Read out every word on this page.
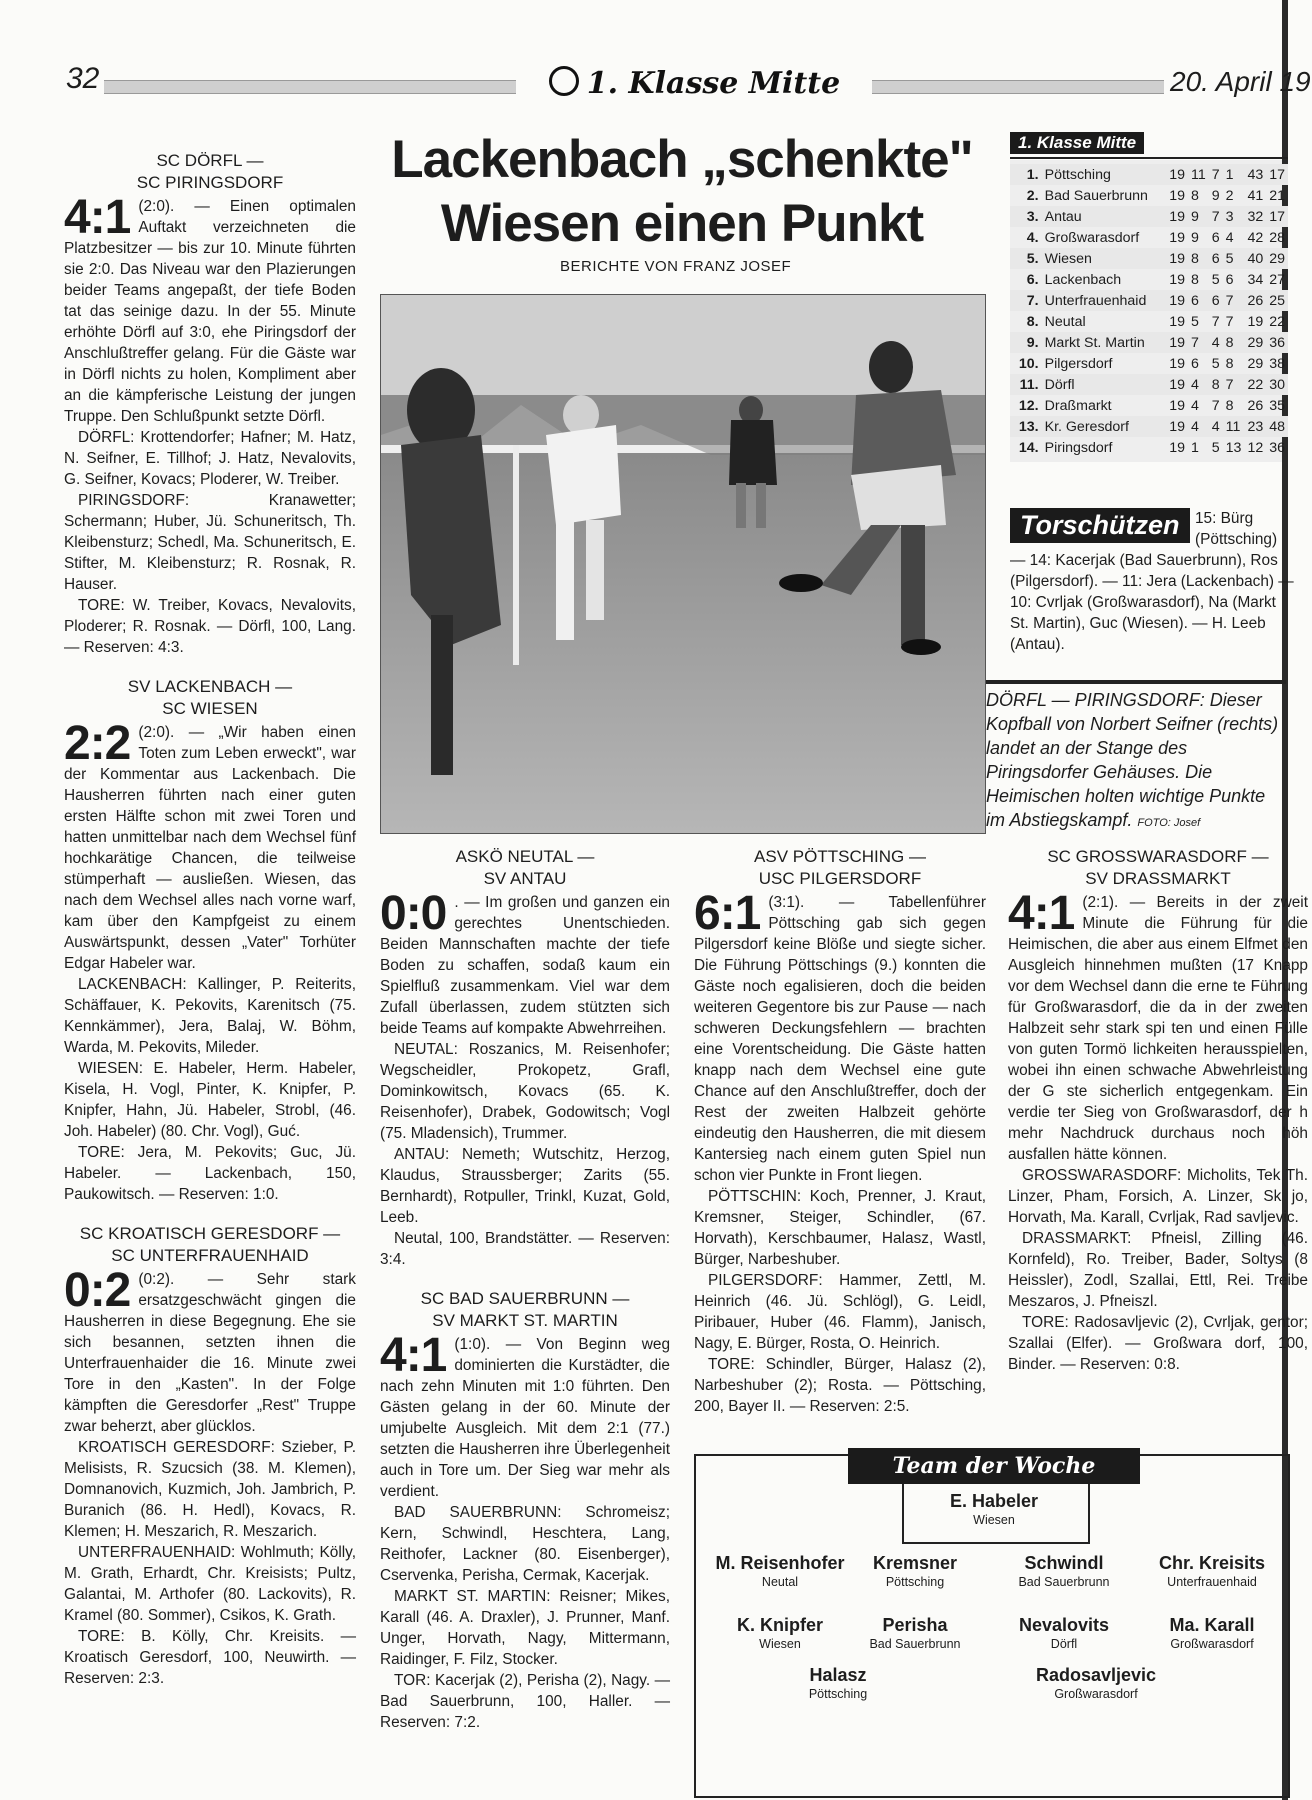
32	1. Klasse Mitte	20. April 19
Lackenbach „schenkte"
Wiesen einen Punkt
BERICHTE VON FRANZ JOSEF
DÖRFL — PIRINGSDORF: Dieser Kopfball von Norbert Seifner (rechts) landet an der Stange des Piringsdorfer Gehäuses. Die Heimischen holten wichtige Punkte im Abstiegskampf. FOTO: Josef
1. Klasse Mitte
1.	Pöttsching	19	11	7	1	43	17
2.	Bad Sauerbrunn	19	8	9	2	41	21
3.	Antau	19	9	7	3	32	17
4.	Großwarasdorf	19	9	6	4	42	28
5.	Wiesen	19	8	6	5	40	29
6.	Lackenbach	19	8	5	6	34	27
7.	Unterfrauenhaid	19	6	6	7	26	25
8.	Neutal	19	5	7	7	19	22
9.	Markt St. Martin	19	7	4	8	29	36
10.	Pilgersdorf	19	6	5	8	29	38
11.	Dörfl	19	4	8	7	22	30
12.	Draßmarkt	19	4	7	8	26	35
13.	Kr. Geresdorf	19	4	4	11	23	48
14.	Piringsdorf	19	1	5	13	12	36
15: Bürg (Pöttsching)
— 14: Kacerjak (Bad Sauerbrunn), Ros (Pilgersdorf). — 11: Jera (Lackenbach) — 10: Cvrljak (Großwarasdorf), Na (Markt St. Martin), Guc (Wiesen). — H. Leeb (Antau).
Torschützen
SC DÖRFL —
SC PIRINGSDORF

4:1 (2:0). — Einen optimalen Auftakt verzeichneten die Platzbesitzer — bis zur 10. Minute führten sie 2:0. Das Niveau war den Plazierungen beider Teams angepaßt, der tiefe Boden tat das seinige dazu. In der 55. Minute erhöhte Dörfl auf 3:0, ehe Piringsdorf der Anschlußtreffer gelang. Für die Gäste war in Dörfl nichts zu holen, Kompliment aber an die kämpferische Leistung der jungen Truppe. Den Schlußpunkt setzte Dörfl.

DÖRFL: Krottendorfer; Hafner; M. Hatz, N. Seifner, E. Tillhof; J. Hatz, Nevalovits, G. Seifner, Kovacs; Ploderer, W. Treiber.

PIRINGSDORF: Kranawetter; Schermann; Huber, Jü. Schuneritsch, Th. Kleibensturz; Schedl, Ma. Schuneritsch, E. Stifter, M. Kleibensturz; R. Rosnak, R. Hauser.

TORE: W. Treiber, Kovacs, Nevalovits, Ploderer; R. Rosnak. — Dörfl, 100, Lang. — Reserven: 4:3.

SV LACKENBACH —
SC WIESEN

2:2 (2:0). — „Wir haben einen Toten zum Leben erweckt", war der Kommentar aus Lackenbach. Die Hausherren führten nach einer guten ersten Hälfte schon mit zwei Toren und hatten unmittelbar nach dem Wechsel fünf hochkarätige Chancen, die teilweise stümperhaft — ausließen. Wiesen, das nach dem Wechsel alles nach vorne warf, kam über den Kampfgeist zu einem Auswärtspunkt, dessen „Vater" Torhüter Edgar Habeler war.

LACKENBACH: Kallinger, P. Reiterits, Schäffauer, K. Pekovits, Karenitsch (75. Kennkämmer), Jera, Balaj, W. Böhm, Warda, M. Pekovits, Mileder.

WIESEN: E. Habeler, Herm. Habeler, Kisela, H. Vogl, Pinter, K. Knipfer, P. Knipfer, Hahn, Jü. Habeler, Strobl, (46. Joh. Habeler) (80. Chr. Vogl), Guć.

TORE: Jera, M. Pekovits; Guc, Jü. Habeler. — Lackenbach, 150, Paukowitsch. — Reserven: 1:0.

SC KROATISCH GERESDORF —
SC UNTERFRAUENHAID

0:2 (0:2). — Sehr stark ersatzgeschwächt gingen die Hausherren in diese Begegnung. Ehe sie sich besannen, setzten ihnen die Unterfrauenhaider die 16. Minute zwei Tore in den „Kasten". In der Folge kämpften die Geresdorfer „Rest" Truppe zwar beherzt, aber glücklos.

KROATISCH GERESDORF: Szieber, P. Melisists, R. Szucsich (38. M. Klemen), Domnanovich, Kuzmich, Joh. Jambrich, P. Buranich (86. H. Hedl), Kovacs, R. Klemen; H. Meszarich, R. Meszarich.

UNTERFRAUENHAID: Wohlmuth; Kölly, M. Grath, Erhardt, Chr. Kreisists; Pultz, Galantai, M. Arthofer (80. Lackovits), R. Kramel (80. Sommer), Csikos, K. Grath.

TORE: B. Kölly, Chr. Kreisits. — Kroatisch Geresdorf, 100, Neuwirth. — Reserven: 2:3.

ASKÖ NEUTAL —
SV ANTAU

0:0 . — Im großen und ganzen ein gerechtes Unentschieden. Beiden Mannschaften machte der tiefe Boden zu schaffen, sodaß kaum ein Spielfluß zusammenkam. Viel war dem Zufall überlassen, zudem stützten sich beide Teams auf kompakte Abwehrreihen.

NEUTAL: Roszanics, M. Reisenhofer; Wegscheidler, Prokopetz, Grafl, Dominkowitsch, Kovacs (65. K. Reisenhofer), Drabek, Godowitsch; Vogl (75. Mladensich), Trummer.

ANTAU: Nemeth; Wutschitz, Herzog, Klaudus, Straussberger; Zarits (55. Bernhardt), Rotpuller, Trinkl, Kuzat, Gold, Leeb.

Neutal, 100, Brandstätter. — Reserven: 3:4.

SC BAD SAUERBRUNN —
SV MARKT ST. MARTIN

4:1 (1:0). — Von Beginn weg dominierten die Kurstädter, die nach zehn Minuten mit 1:0 führten. Den Gästen gelang in der 60. Minute der umjubelte Ausgleich. Mit dem 2:1 (77.) setzten die Hausherren ihre Überlegenheit auch in Tore um. Der Sieg war mehr als verdient.

BAD SAUERBRUNN: Schromeisz; Kern, Schwindl, Heschtera, Lang, Reithofer, Lackner (80. Eisenberger), Cservenka, Perisha, Cermak, Kacerjak.

MARKT ST. MARTIN: Reisner; Mikes, Karall (46. A. Draxler), J. Prunner, Manf. Unger, Horvath, Nagy, Mittermann, Raidinger, F. Filz, Stocker.

TOR: Kacerjak (2), Perisha (2), Nagy. — Bad Sauerbrunn, 100, Haller. — Reserven: 7:2.

ASV PÖTTSCHING —
USC PILGERSDORF

6:1 (3:1). — Tabellenführer Pöttsching gab sich gegen Pilgersdorf keine Blöße und siegte sicher. Die Führung Pöttschings (9.) konnten die Gäste noch egalisieren, doch die beiden weiteren Gegentore bis zur Pause — nach schweren Deckungsfehlern — brachten eine Vorentscheidung. Die Gäste hatten knapp nach dem Wechsel eine gute Chance auf den Anschlußtreffer, doch der Rest der zweiten Halbzeit gehörte eindeutig den Hausherren, die mit diesem Kantersieg nach einem guten Spiel nun schon vier Punkte in Front liegen.

PÖTTSCHIN: Koch, Prenner, J. Kraut, Kremsner, Steiger, Schindler, (67. Horvath), Kerschbaumer, Halasz, Wastl, Bürger, Narbeshuber.

PILGERSDORF: Hammer, Zettl, M. Heinrich (46. Jü. Schlögl), G. Leidl, Piribauer, Huber (46. Flamm), Janisch, Nagy, E. Bürger, Rosta, O. Heinrich.

TORE: Schindler, Bürger, Halasz (2), Narbeshuber (2); Rosta. — Pöttsching, 200, Bayer II. — Reserven: 2:5.

SC GROSSWARASDORF —
SV DRASSMARKT

4:1 (2:1). — Bereits in der zweit Minute die Führung für die Heimischen, die aber aus einem Elfmet den Ausgleich hinnehmen mußten (17 Knapp vor dem Wechsel dann die erne te Führung für Großwarasdorf, die da in der zweiten Halbzeit sehr stark spi ten und einen Fülle von guten Tormö lichkeiten herausspielten, wobei ihn einen schwache Abwehrleistung der G ste sicherlich entgegenkam. Ein verdie ter Sieg von Großwarasdorf, der h mehr Nachdruck durchaus noch höh ausfallen hätte können.

GROSSWARASDORF: Micholits, Tek Th. Linzer, Pham, Forsich, A. Linzer, Sk jo, Horvath, Ma. Karall, Cvrljak, Rad savljevic.

DRASSMARKT: Pfneisl, Zilling (46. Kornfeld), Ro. Treiber, Bader, Soltys (8 Heissler), Zodl, Szallai, Ettl, Rei. Treibe Meszaros, J. Pfneiszl.

TORE: Radosavljevic (2), Cvrljak, gentor; Szallai (Elfer). — Großwara dorf, 100, Binder. — Reserven: 0:8.

Team der Woche
E. Habeler
Wiesen
M. Reisenhofer
Neutal
Kremsner
Pöttsching
Schwindl
Bad Sauerbrunn
Chr. Kreisits
Unterfrauenhaid
K. Knipfer
Wiesen
Perisha
Bad Sauerbrunn
Nevalovits
Dörfl
Ma. Karall
Großwarasdorf
Halasz
Pöttsching
Radosavljevic
Großwarasdorf
